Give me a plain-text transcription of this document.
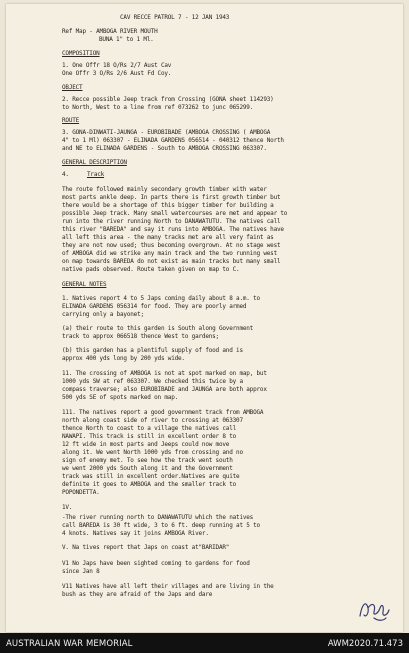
CAV RECCE PATROL 7 - 12 JAN 1943
Ref Map - AMBOGA RIVER MOUTH
BUNA 1" to 1 Ml.
COMPOSITION
1. One Offr 18 O/Rs 2/7 Aust Cav
One Offr 3 O/Rs 2/6 Aust Fd Coy.
OBJECT
2. Recce possible Jeep track from Crossing (GONA sheet 114293)
to North, West to a line from ref 073262 to junc 065299.
ROUTE
3. GONA-DINWATI-JAUNGA - EUROBIBADE (AMBOGA CROSSING ( AMBOGA
4" to 1 Ml) 063307 - ELINADA GARDENS 056514 - 040312 thence North
and NE to ELINADA GARDENS - South to AMBOGA CROSSING 063307.
GENERAL DESCRIPTION
4.	Track
The route followed mainly secondary growth timber with water
most parts ankle deep. In parts there is first growth timber but
there would be a shortage of this bigger timber for building a
possible Jeep track. Many small watercourses are met and appear to
run into the river running North to DANAWATUTU. The natives call
this river "BAREDA" and say it runs into AMBOGA. The natives have
all left this area - the many tracks met are all very faint as
they are not now used; thus becoming overgrown. At no stage west
of AMBOGA did we strike any main track and the two running west
on map towards BAREDA do not exist as main tracks but many small
native pads observed. Route taken given on map to C.
GENERAL NOTES
1. Natives report 4 to 5 Japs coming daily about 8 a.m. to
ELINADA GARDENS 056314 for food. They are poorly armed
carrying only a bayonet;
(a) their route to this garden is South along Government
track to approx 066518 thence West to gardens;
(b) this garden has a plentiful supply of food and is
approx 400 yds long by 200 yds wide.
11. The crossing of AMBOGA is not at spot marked on map, but
1000 yds SW at ref 063307. We checked this twice by a
compass traverse; also EUROBIBADE and JAUNGA are both approx
500 yds SE of spots marked on map.
111. The natives report a good government track from AMBOGA
north along coast side of river to crossing at 063307
thence North to coast to a village the natives call
NAWAPI. This track is still in excellent order 8 to
12 ft wide in most parts and Jeeps could now move
along it. We went North 1000 yds from crossing and no
sign of enemy met. To see how the track went south
we went 2000 yds South along it and the Government
track was still in excellent order.Natives are quite
definite it goes to AMBOGA and the smaller track to
POPONDETTA.
1V.
-The river running north to DANAWATUTU which the natives
call BAREDA is 30 ft wide, 3 to 6 ft. deep running at 5 to
4 knots. Natives say it joins AMBOGA River.
V. Na tives report that Japs on coast at"BARIDAR"
V1 No Japs have been sighted coming to gardens for food
since Jan 8
V11 Natives have all left their villages and are living in the
bush as they are afraid of the Japs and dare
AUSTRALIAN WAR MEMORIAL	AWM2020.71.473
